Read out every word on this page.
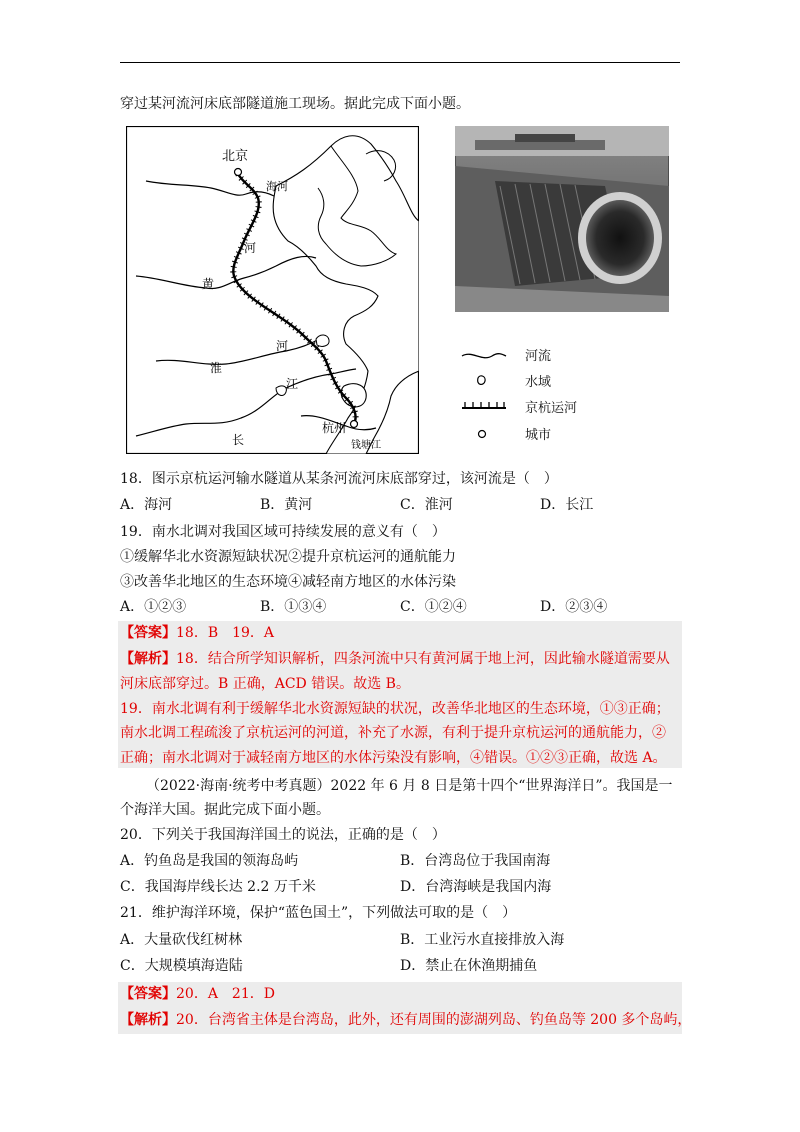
穿过某河流河床底部隧道施工现场。据此完成下面小题。
北京
海河
河
黄
河
淮
江
杭州
长	钱塘江
河流
水域
京杭运河
城市
18．图示京杭运河输水隧道从某条河流河床底部穿过，该河流是（　）
A．海河	B．黄河	C．淮河	D．长江
19．南水北调对我国区域可持续发展的意义有（　）
①缓解华北水资源短缺状况②提升京杭运河的通航能力
③改善华北地区的生态环境④减轻南方地区的水体污染
A．①②③	B．①③④	C．①②④	D．②③④
【答案】18．B　19．A
【解析】18．结合所学知识解析，四条河流中只有黄河属于地上河，因此输水隧道需要从
河床底部穿过。B 正确，ACD 错误。故选 B。
19．南水北调有利于缓解华北水资源短缺的状况，改善华北地区的生态环境，①③正确；
南水北调工程疏浚了京杭运河的河道，补充了水源，有利于提升京杭运河的通航能力，②
正确；南水北调对于减轻南方地区的水体污染没有影响，④错误。①②③正确，故选 A。
（2022·海南·统考中考真题）2022 年 6 月 8 日是第十四个“世界海洋日”。我国是一
个海洋大国。据此完成下面小题。
20．下列关于我国海洋国土的说法，正确的是（　）
A．钓鱼岛是我国的领海岛屿	B．台湾岛位于我国南海
C．我国海岸线长达 2.2 万千米	D．台湾海峡是我国内海
21．维护海洋环境，保护“蓝色国土”，下列做法可取的是（　）
A．大量砍伐红树林	B．工业污水直接排放入海
C．大规模填海造陆	D．禁止在休渔期捕鱼
【答案】20．A　21．D
【解析】20．台湾省主体是台湾岛，此外，还有周围的澎湖列岛、钓鱼岛等 200 多个岛屿，
